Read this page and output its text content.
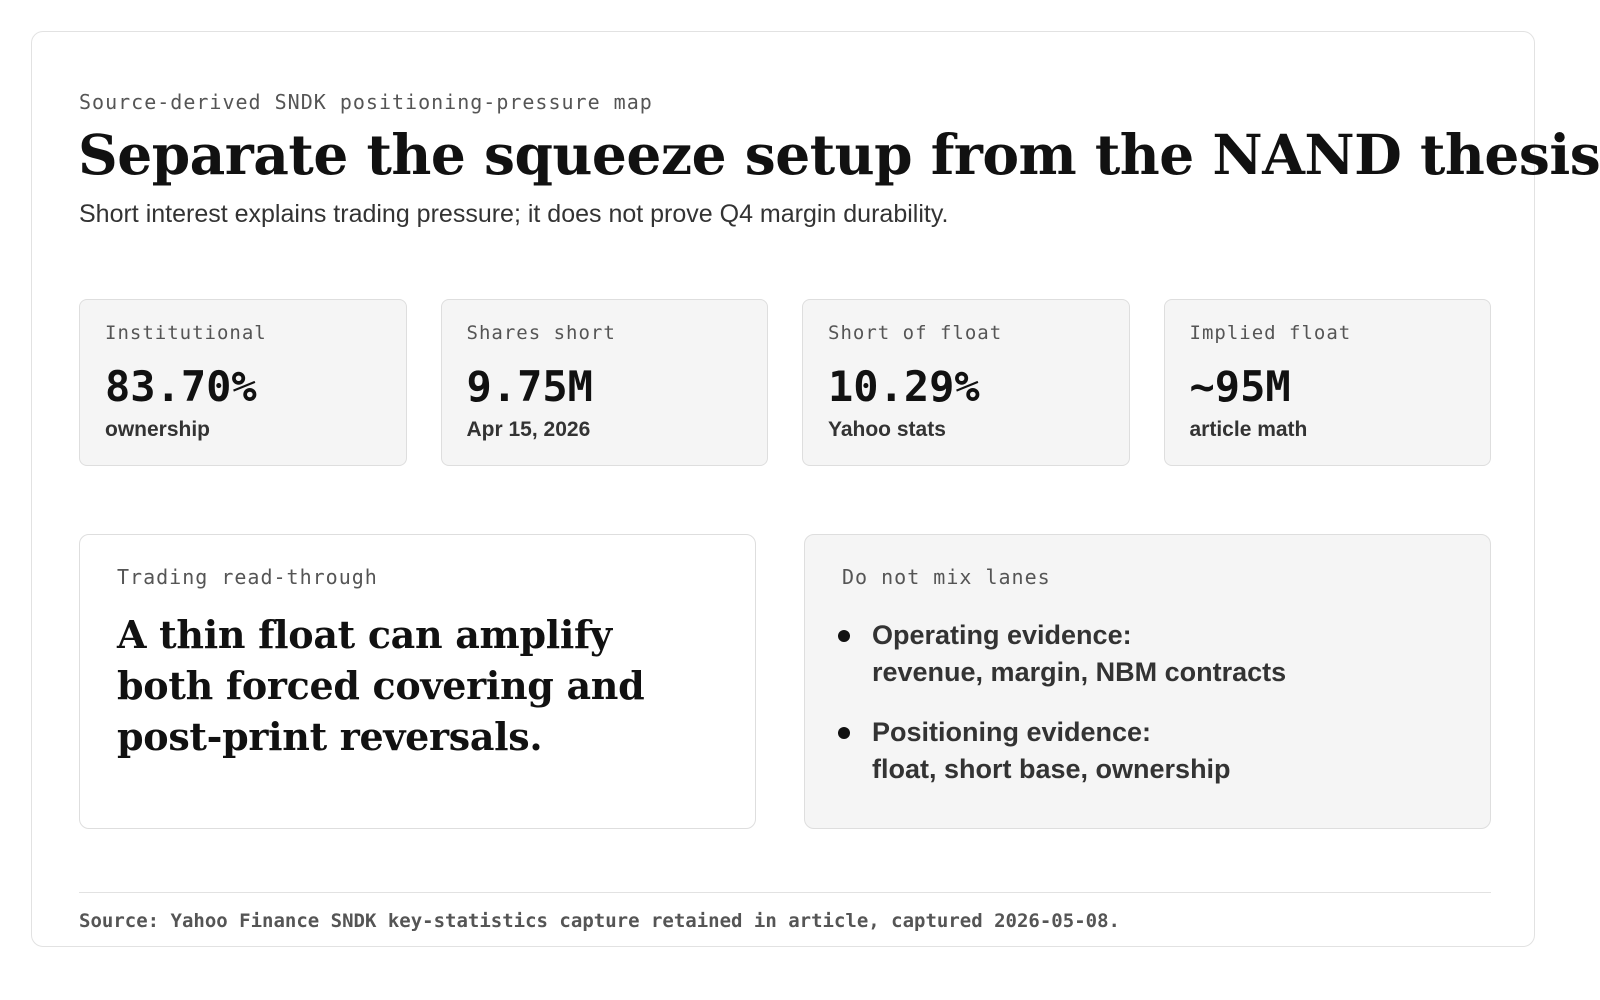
Source-derived SNDK positioning-pressure map
Separate the squeeze setup from the NAND thesis
Short interest explains trading pressure; it does not prove Q4 margin durability.
Institutional
83.70%
ownership
Shares short
9.75M
Apr 15, 2026
Short of float
10.29%
Yahoo stats
Implied float
~95M
article math
Trading read-through

A thin float can amplify both forced covering and post-print reversals.

Do not mix lanes
Operating evidence:
revenue, margin, NBM contracts
Positioning evidence:
float, short base, ownership
Source: Yahoo Finance SNDK key-statistics capture retained in article, captured 2026-05-08.
